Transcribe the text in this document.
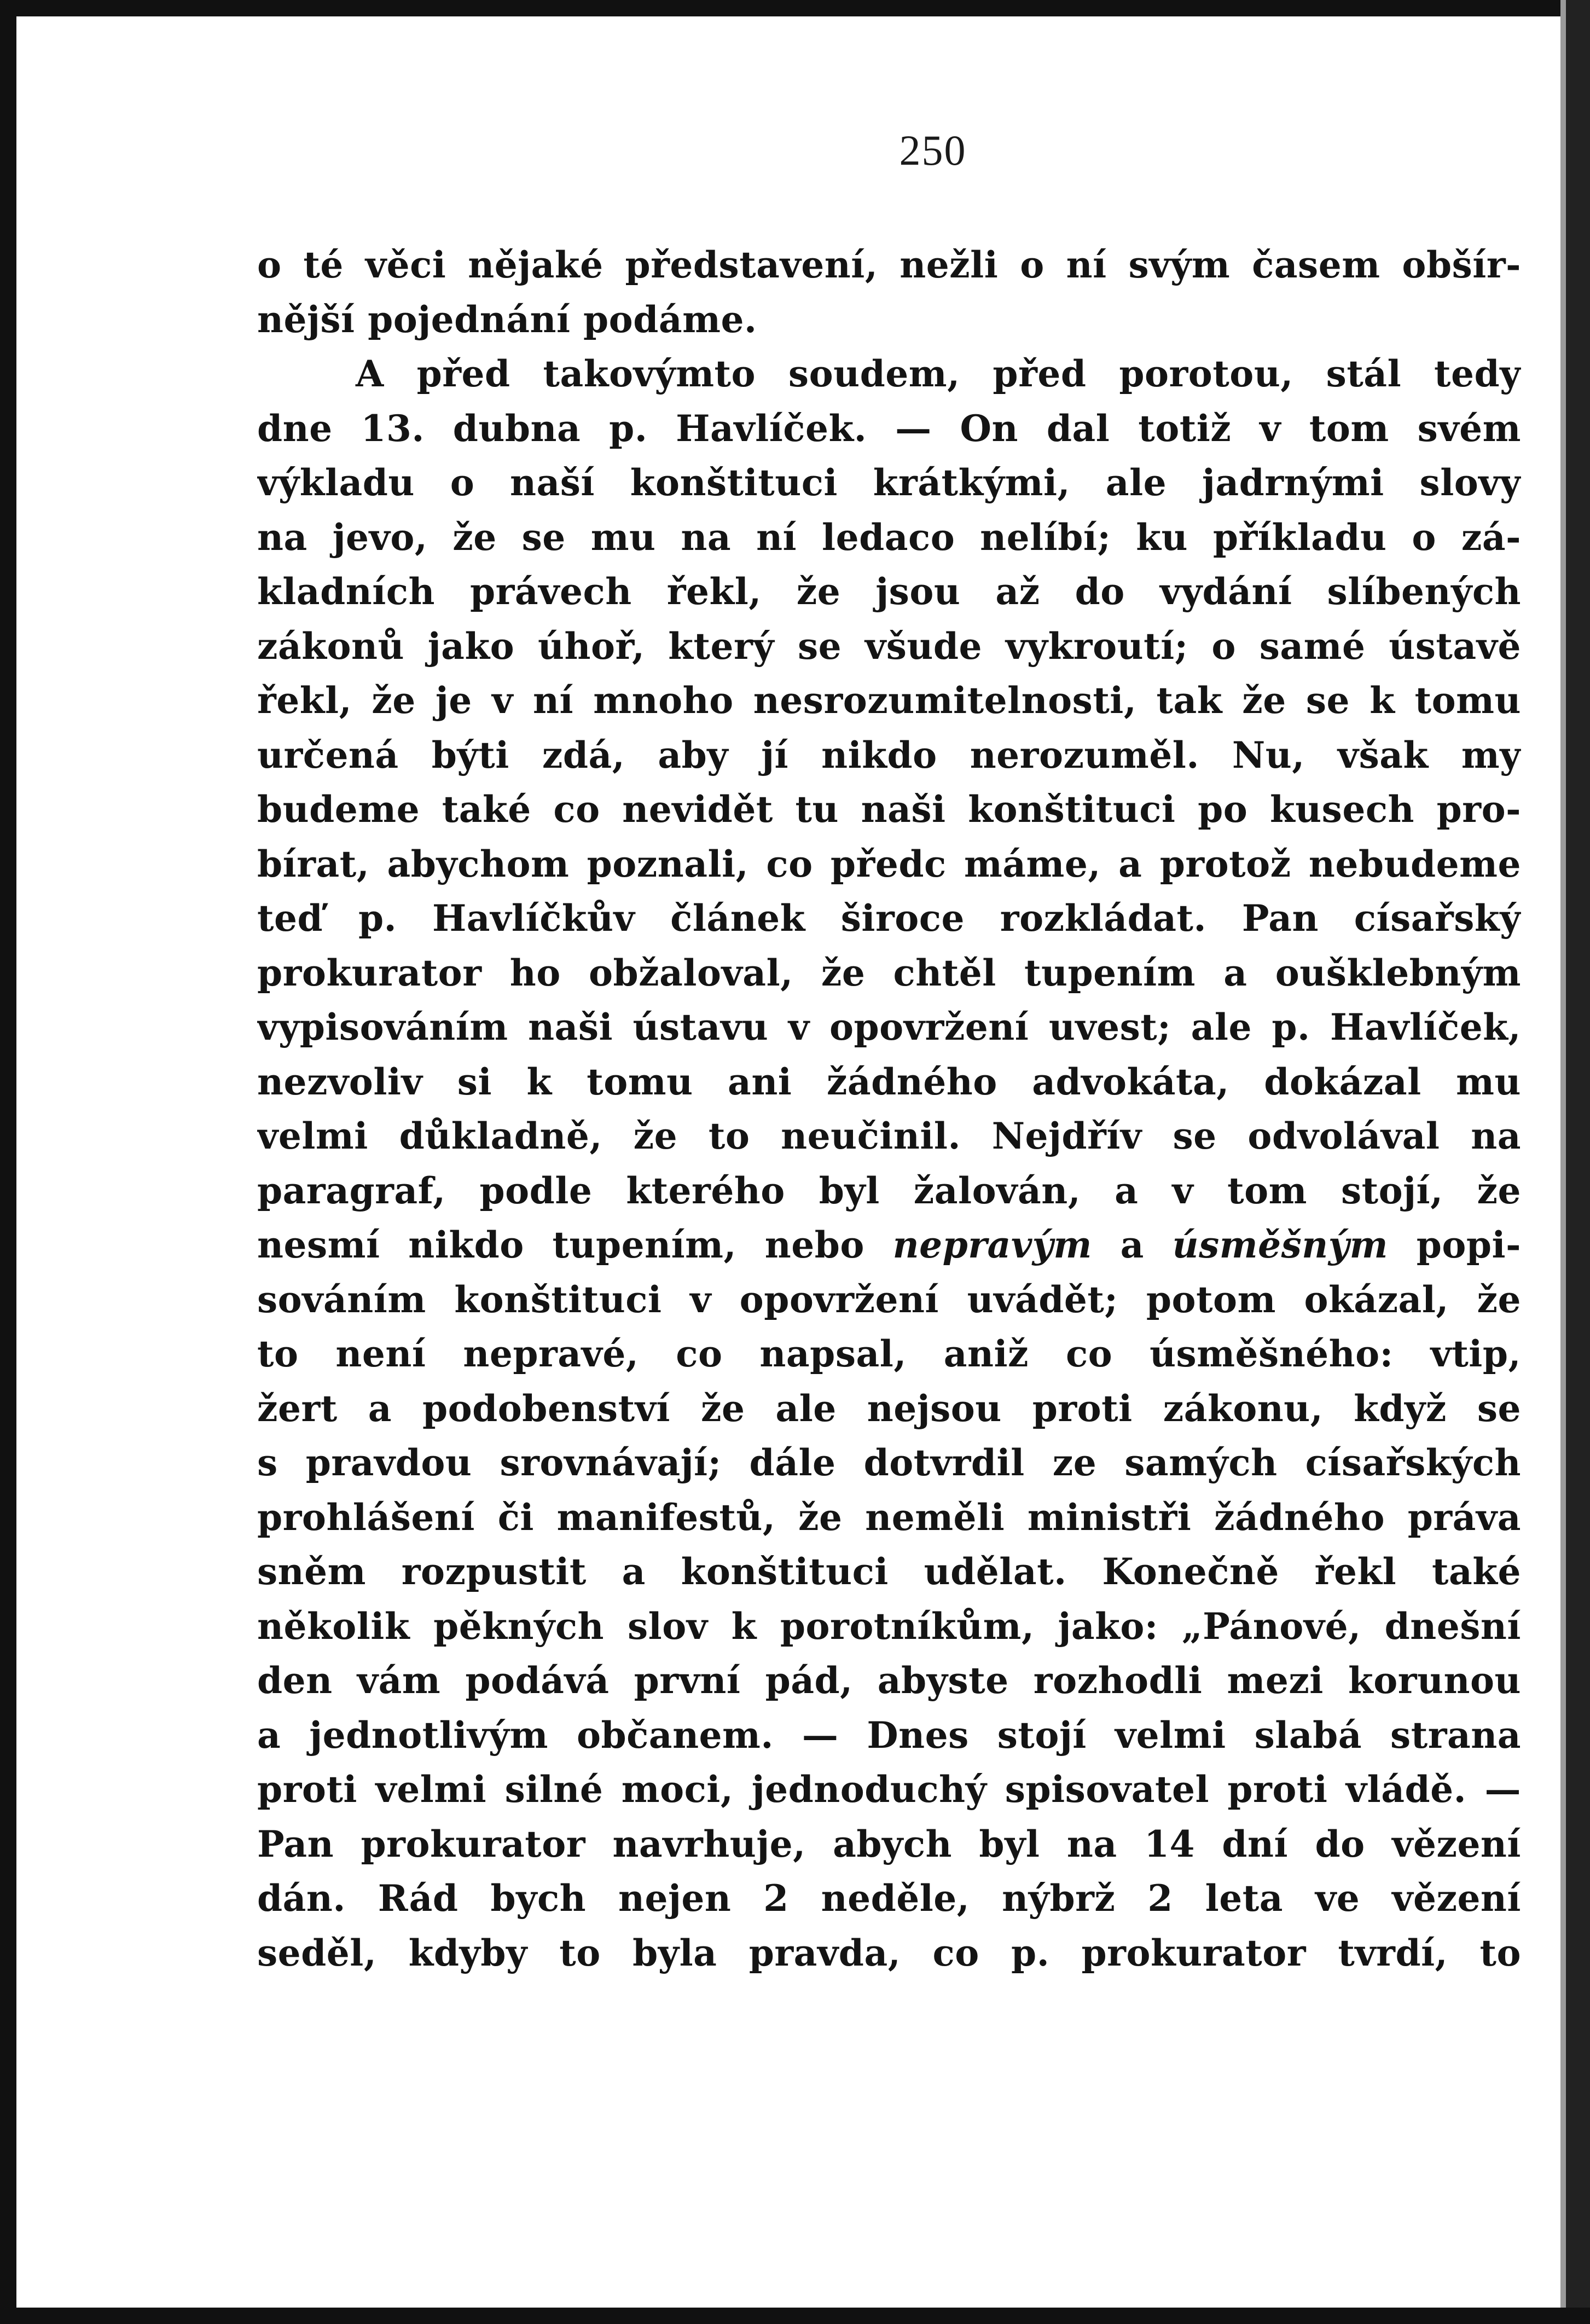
250
o té věci nějaké představení, nežli o ní svým časem obšír-
nější pojednání podáme.
A před takovýmto soudem, před porotou, stál tedy
dne 13. dubna p. Havlíček. — On dal totiž v tom svém
výkladu o naší konštituci krátkými, ale jadrnými slovy
na jevo, že se mu na ní ledaco nelíbí; ku příkladu o zá-
kladních právech řekl, že jsou až do vydání slíbených
zákonů jako úhoř, který se všude vykroutí; o samé ústavě
řekl, že je v ní mnoho nesrozumitelnosti, tak že se k tomu
určená býti zdá, aby jí nikdo nerozuměl. Nu, však my
budeme také co nevidět tu naši konštituci po kusech pro-
bírat, abychom poznali, co předc máme, a protož nebudeme
teď p. Havlíčkův článek široce rozkládat. Pan císařský
prokurator ho obžaloval, že chtěl tupením a oušklebným
vypisováním naši ústavu v opovržení uvest; ale p. Havlíček,
nezvoliv si k tomu ani žádného advokáta, dokázal mu
velmi důkladně, že to neučinil. Nejdřív se odvolával na
paragraf, podle kterého byl žalován, a v tom stojí, že
nesmí nikdo tupením, nebo nepravým a úsměšným popi-
sováním konštituci v opovržení uvádět; potom okázal, že
to není nepravé, co napsal, aniž co úsměšného: vtip,
žert a podobenství že ale nejsou proti zákonu, když se
s pravdou srovnávají; dále dotvrdil ze samých císařských
prohlášení či manifestů, že neměli ministři žádného práva
sněm rozpustit a konštituci udělat. Konečně řekl také
několik pěkných slov k porotníkům, jako: „Pánové, dnešní
den vám podává první pád, abyste rozhodli mezi korunou
a jednotlivým občanem. — Dnes stojí velmi slabá strana
proti velmi silné moci, jednoduchý spisovatel proti vládě. —
Pan prokurator navrhuje, abych byl na 14 dní do vězení
dán. Rád bych nejen 2 neděle, nýbrž 2 leta ve vězení
seděl, kdyby to byla pravda, co p. prokurator tvrdí, to
